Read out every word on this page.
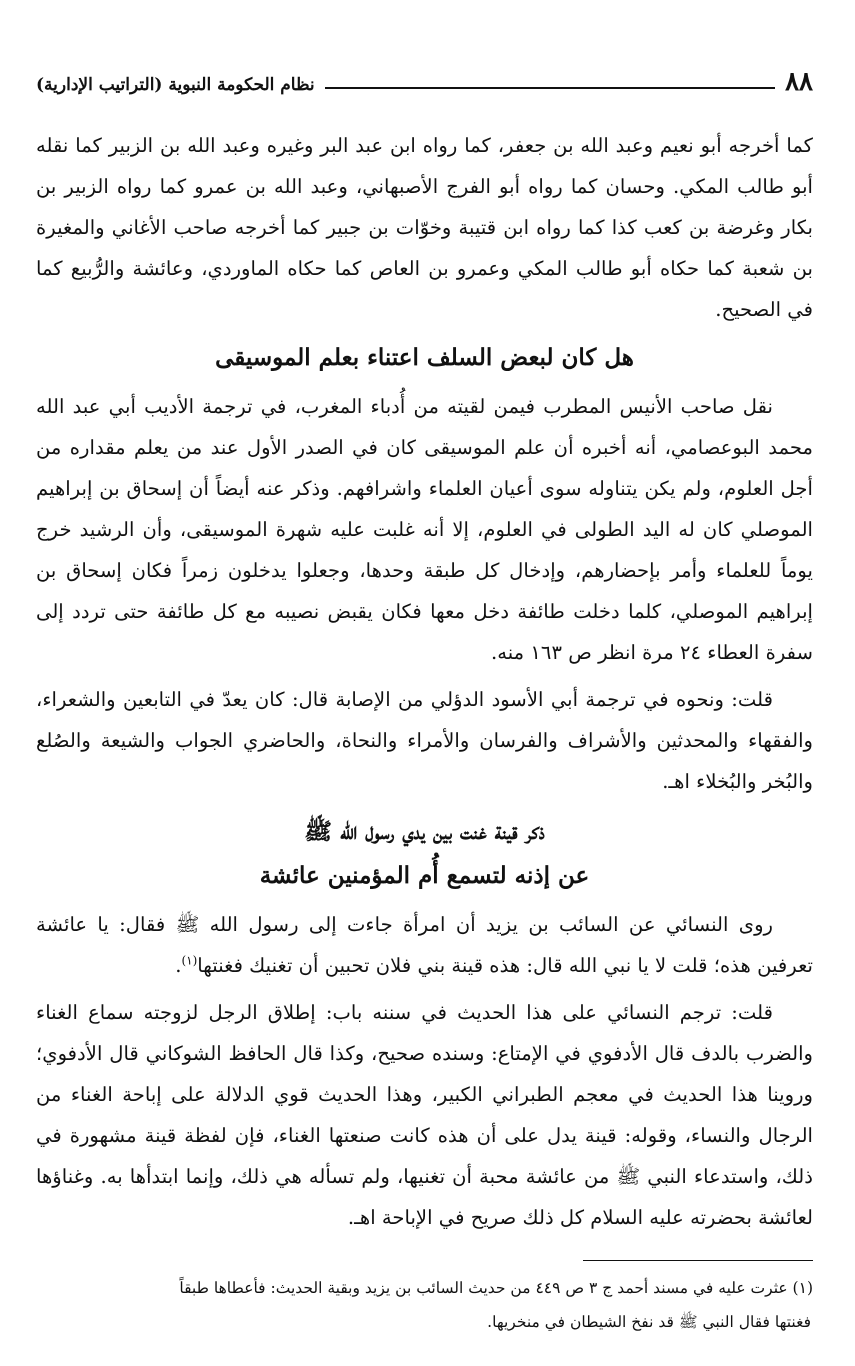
٨٨
نظام الحكومة النبوية (التراتيب الإدارية)

كما أخرجه أبو نعيم وعبد الله بن جعفر، كما رواه ابن عبد البر وغيره وعبد الله بن الزبير كما نقله أبو طالب المكي. وحسان كما رواه أبو الفرج الأصبهاني، وعبد الله بن عمرو كما رواه الزبير بن بكار وغرضة بن كعب كذا كما رواه ابن قتيبة وخوّات بن جبير كما أخرجه صاحب الأغاني والمغيرة بن شعبة كما حكاه أبو طالب المكي وعمرو بن العاص كما حكاه الماوردي، وعائشة والرُّبيع كما في الصحيح.

هل كان لبعض السلف اعتناء بعلم الموسيقى

نقل صاحب الأنيس المطرب فيمن لقيته من أُدباء المغرب، في ترجمة الأديب أبي عبد الله محمد البوعصامي، أنه أخبره أن علم الموسيقى كان في الصدر الأول عند من يعلم مقداره من أجل العلوم، ولم يكن يتناوله سوى أعيان العلماء واشرافهم. وذكر عنه أيضاً أن إسحاق بن إبراهيم الموصلي كان له اليد الطولى في العلوم، إلا أنه غلبت عليه شهرة الموسيقى، وأن الرشيد خرج يوماً للعلماء وأمر بإحضارهم، وإدخال كل طبقة وحدها، وجعلوا يدخلون زمراً فكان إسحاق بن إبراهيم الموصلي، كلما دخلت طائفة دخل معها فكان يقبض نصيبه مع كل طائفة حتى تردد إلى سفرة العطاء ٢٤ مرة انظر ص ١٦٣ منه.

قلت: ونحوه في ترجمة أبي الأسود الدؤلي من الإصابة قال: كان يعدّ في التابعين والشعراء، والفقهاء والمحدثين والأشراف والفرسان والأمراء والنحاة، والحاضري الجواب والشيعة والصُلع والبُخر والبُخلاء اهـ.

ذكر قينة غنت بين يدي رسول الله ﷺ
عن إذنه لتسمع أُم المؤمنين عائشة

روى النسائي عن السائب بن يزيد أن امرأة جاءت إلى رسول الله ﷺ فقال: يا عائشة تعرفين هذه؛ قلت لا يا نبي الله قال: هذه قينة بني فلان تحبين أن تغنيك فغنتها$^{(١)}$.

قلت: ترجم النسائي على هذا الحديث في سننه باب: إطلاق الرجل لزوجته سماع الغناء والضرب بالدف قال الأدفوي في الإمتاع: وسنده صحيح، وكذا قال الحافظ الشوكاني قال الأدفوي؛ وروينا هذا الحديث في معجم الطبراني الكبير، وهذا الحديث قوي الدلالة على إباحة الغناء من الرجال والنساء، وقوله: قينة يدل على أن هذه كانت صنعتها الغناء، فإن لفظة قينة مشهورة في ذلك، واستدعاء النبي ﷺ من عائشة محبة أن تغنيها، ولم تسأله هي ذلك، وإنما ابتدأها به. وغناؤها لعائشة بحضرته عليه السلام كل ذلك صريح في الإباحة اهـ.

(١) عثرت عليه في مسند أحمد ج ٣ ص ٤٤٩ من حديث السائب بن يزيد وبقية الحديث: فأعطاها طبقاً

فغنتها فقال النبي ﷺ قد نفخ الشيطان في منخريها.
